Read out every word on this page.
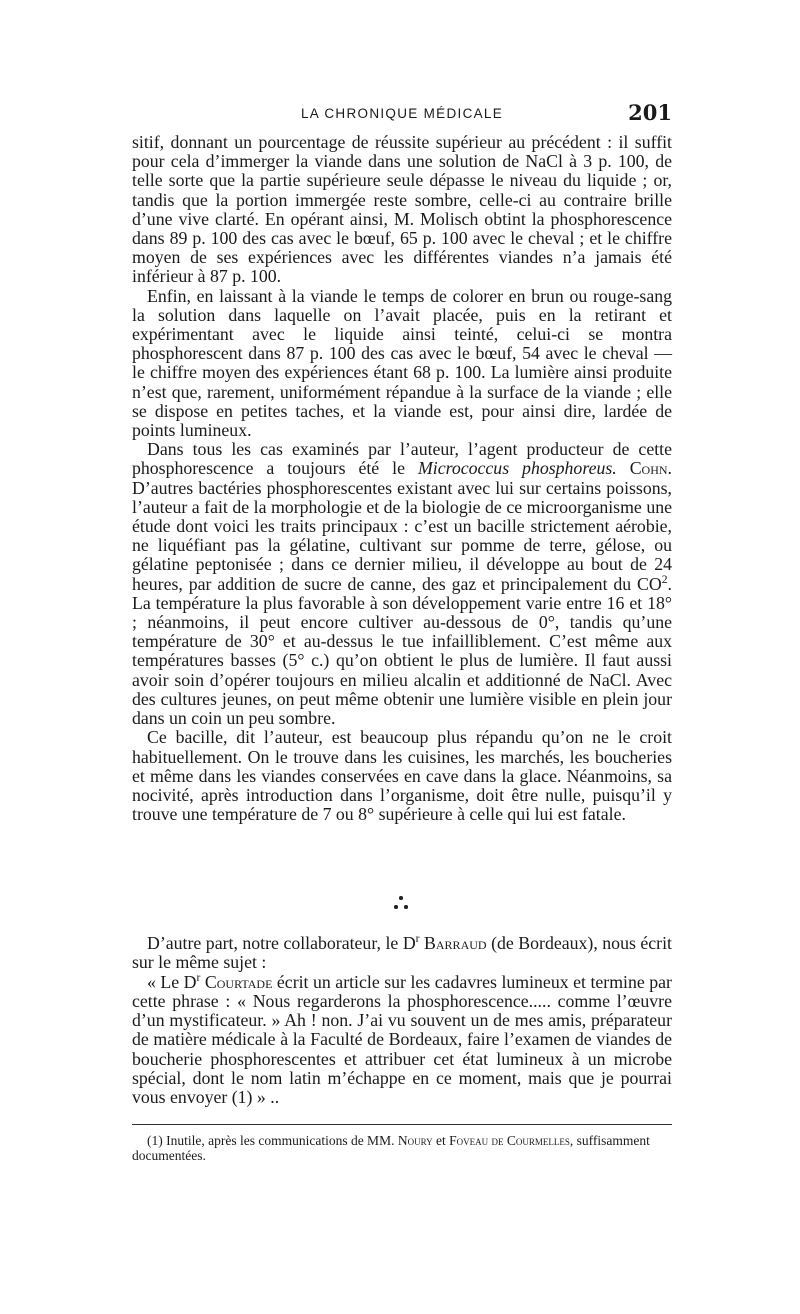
LA CHRONIQUE MÉDICALE	201

sitif, donnant un pourcentage de réussite supérieur au précédent : il suffit pour cela d’immerger la viande dans une solution de NaCl à 3 p. 100, de telle sorte que la partie supérieure seule dépasse le niveau du liquide ; or, tandis que la portion immergée reste sombre, celle-ci au contraire brille d’une vive clarté. En opérant ainsi, M. Molisch obtint la phosphorescence dans 89 p. 100 des cas avec le bœuf, 65 p. 100 avec le cheval ; et le chiffre moyen de ses expériences avec les différentes viandes n’a jamais été inférieur à 87 p. 100.

Enfin, en laissant à la viande le temps de colorer en brun ou rouge-sang la solution dans laquelle on l’avait placée, puis en la retirant et expérimentant avec le liquide ainsi teinté, celui-ci se montra phosphorescent dans 87 p. 100 des cas avec le bœuf, 54 avec le cheval — le chiffre moyen des expériences étant 68 p. 100. La lumière ainsi produite n’est que, rarement, uniformément répandue à la surface de la viande ; elle se dispose en petites taches, et la viande est, pour ainsi dire, lardée de points lumineux.

Dans tous les cas examinés par l’auteur, l’agent producteur de cette phosphorescence a toujours été le Micrococcus phosphoreus. Cohn. D’autres bactéries phosphorescentes existant avec lui sur certains poissons, l’auteur a fait de la morphologie et de la biologie de ce microorganisme une étude dont voici les traits principaux : c’est un bacille strictement aérobie, ne liquéfiant pas la gélatine, cultivant sur pomme de terre, gélose, ou gélatine peptonisée ; dans ce dernier milieu, il développe au bout de 24 heures, par addition de sucre de canne, des gaz et principalement du $CO^2$. La température la plus favorable à son développement varie entre 16 et 18° ; néanmoins, il peut encore cultiver au-dessous de 0°, tandis qu’une température de 30° et au-dessus le tue infailliblement. C’est même aux températures basses (5° c.) qu’on obtient le plus de lumière. Il faut aussi avoir soin d’opérer toujours en milieu alcalin et additionné de NaCl. Avec des cultures jeunes, on peut même obtenir une lumière visible en plein jour dans un coin un peu sombre.

Ce bacille, dit l’auteur, est beaucoup plus répandu qu’on ne le croit habituellement. On le trouve dans les cuisines, les marchés, les boucheries et même dans les viandes conservées en cave dans la glace. Néanmoins, sa nocivité, après introduction dans l’organisme, doit être nulle, puisqu’il y trouve une température de 7 ou 8° supérieure à celle qui lui est fatale.

D’autre part, notre collaborateur, le $D^r$ Barraud (de Bordeaux), nous écrit sur le même sujet :

« Le $D^r$ Courtade écrit un article sur les cadavres lumineux et termine par cette phrase : « Nous regarderons la phosphorescence..... comme l’œuvre d’un mystificateur. » Ah ! non. J’ai vu souvent un de mes amis, préparateur de matière médicale à la Faculté de Bordeaux, faire l’examen de viandes de boucherie phosphorescentes et attribuer cet état lumineux à un microbe spécial, dont le nom latin m’échappe en ce moment, mais que je pourrai vous envoyer (1) » ..

(1) Inutile, après les communications de MM. Noury et Foveau de Courmelles, suffisamment documentées.
